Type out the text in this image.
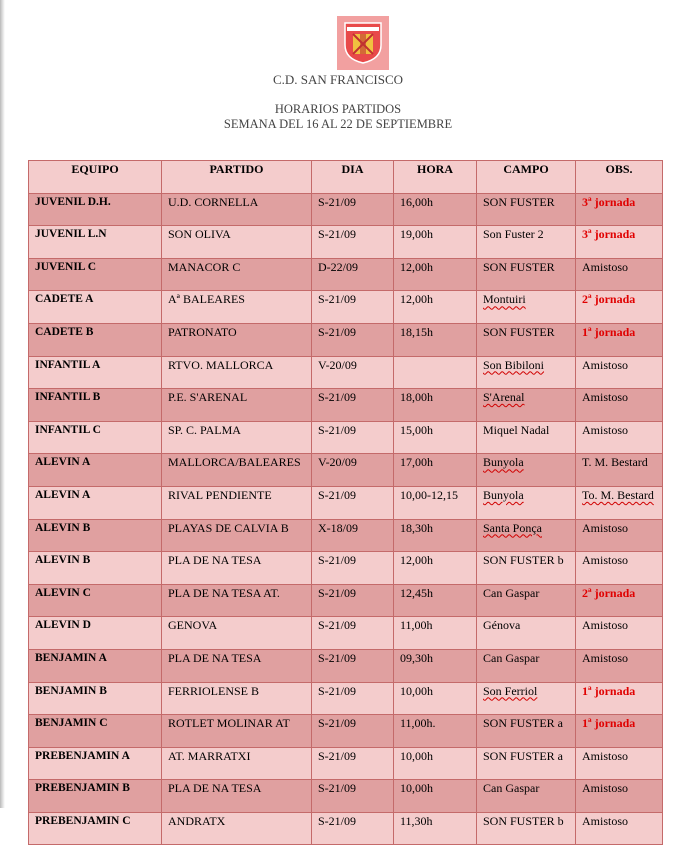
C.D. SAN FRANCISCO
HORARIOS PARTIDOS
SEMANA DEL 16 AL 22 DE SEPTIEMBRE
EQUIPO	PARTIDO	DIA	HORA	CAMPO	OBS.
JUVENIL D.H.	U.D. CORNELLA	S-21/09	16,00h	SON FUSTER	3ª jornada
JUVENIL L.N	SON OLIVA	S-21/09	19,00h	Son Fuster 2	3ª jornada
JUVENIL C	MANACOR C	D-22/09	12,00h	SON FUSTER	Amistoso
CADETE A	Aª BALEARES	S-21/09	12,00h	Montuiri	2ª jornada
CADETE B	PATRONATO	S-21/09	18,15h	SON FUSTER	1ª jornada
INFANTIL A	RTVO. MALLORCA	V-20/09		Son Bibiloni	Amistoso
INFANTIL B	P.E. S'ARENAL	S-21/09	18,00h	S'Arenal	Amistoso
INFANTIL C	SP. C. PALMA	S-21/09	15,00h	Miquel Nadal	Amistoso
ALEVIN A	MALLORCA/BALEARES	V-20/09	17,00h	Bunyola	T. M. Bestard
ALEVIN A	RIVAL PENDIENTE	S-21/09	10,00-12,15	Bunyola	To. M. Bestard
ALEVIN B	PLAYAS DE CALVIA B	X-18/09	18,30h	Santa Ponça	Amistoso
ALEVIN B	PLA DE NA TESA	S-21/09	12,00h	SON FUSTER b	Amistoso
ALEVIN C	PLA DE NA TESA AT.	S-21/09	12,45h	Can Gaspar	2ª jornada
ALEVIN D	GENOVA	S-21/09	11,00h	Génova	Amistoso
BENJAMIN A	PLA DE NA TESA	S-21/09	09,30h	Can Gaspar	Amistoso
BENJAMIN B	FERRIOLENSE B	S-21/09	10,00h	Son Ferriol	1ª jornada
BENJAMIN C	ROTLET MOLINAR AT	S-21/09	11,00h.	SON FUSTER a	1ª jornada
PREBENJAMIN A	AT. MARRATXI	S-21/09	10,00h	SON FUSTER a	Amistoso
PREBENJAMIN B	PLA DE NA TESA	S-21/09	10,00h	Can Gaspar	Amistoso
PREBENJAMIN C	ANDRATX	S-21/09	11,30h	SON FUSTER b	Amistoso
